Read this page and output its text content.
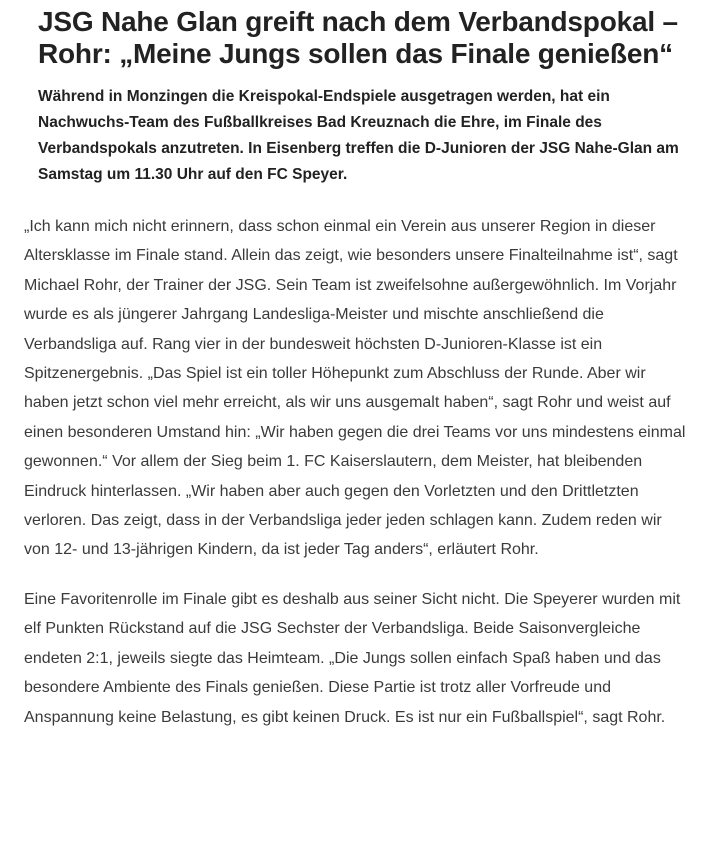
JSG Nahe Glan greift nach dem Verbandspokal – Rohr: „Meine Jungs sollen das Finale genießen“

Während in Monzingen die Kreispokal-Endspiele ausgetragen werden, hat ein Nachwuchs-Team des Fußballkreises Bad Kreuznach die Ehre, im Finale des Verbandspokals anzutreten. In Eisenberg treffen die D-Junioren der JSG Nahe-Glan am Samstag um 11.30 Uhr auf den FC Speyer.

„Ich kann mich nicht erinnern, dass schon einmal ein Verein aus unserer Region in dieser Altersklasse im Finale stand. Allein das zeigt, wie besonders unsere Finalteilnahme ist“, sagt Michael Rohr, der Trainer der JSG. Sein Team ist zweifelsohne außergewöhnlich. Im Vorjahr wurde es als jüngerer Jahrgang Landesliga-Meister und mischte anschließend die Verbandsliga auf. Rang vier in der bundesweit höchsten D-Junioren-Klasse ist ein Spitzenergebnis. „Das Spiel ist ein toller Höhepunkt zum Abschluss der Runde. Aber wir haben jetzt schon viel mehr erreicht, als wir uns ausgemalt haben“, sagt Rohr und weist auf einen besonderen Umstand hin: „Wir haben gegen die drei Teams vor uns mindestens einmal gewonnen.“ Vor allem der Sieg beim 1. FC Kaiserslautern, dem Meister, hat bleibenden Eindruck hinterlassen. „Wir haben aber auch gegen den Vorletzten und den Drittletzten verloren. Das zeigt, dass in der Verbandsliga jeder jeden schlagen kann. Zudem reden wir von 12- und 13-jährigen Kindern, da ist jeder Tag anders“, erläutert Rohr.

Eine Favoritenrolle im Finale gibt es deshalb aus seiner Sicht nicht. Die Speyerer wurden mit elf Punkten Rückstand auf die JSG Sechster der Verbandsliga. Beide Saisonvergleiche endeten 2:1, jeweils siegte das Heimteam. „Die Jungs sollen einfach Spaß haben und das besondere Ambiente des Finals genießen. Diese Partie ist trotz aller Vorfreude und Anspannung keine Belastung, es gibt keinen Druck. Es ist nur ein Fußballspiel“, sagt Rohr.
